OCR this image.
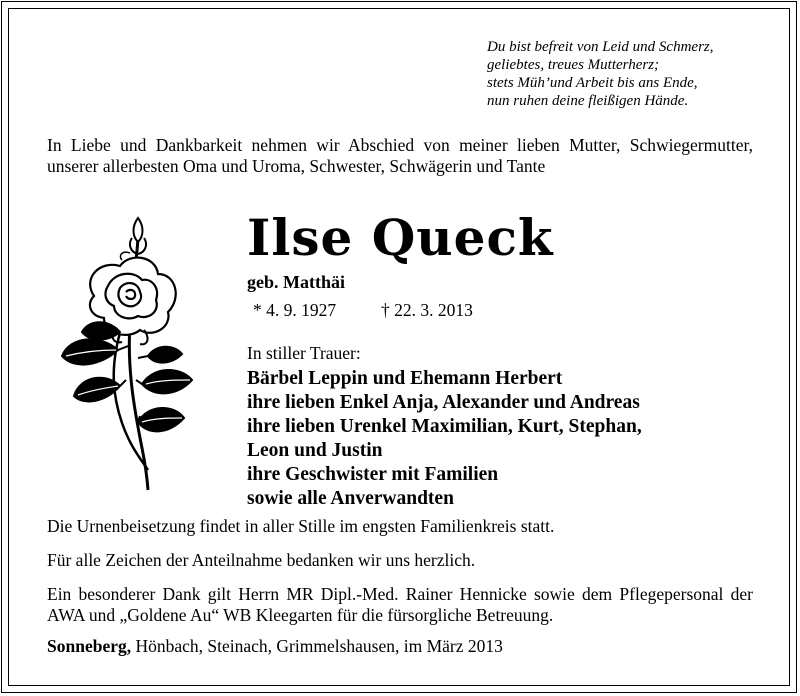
Du bist befreit von Leid und Schmerz,
geliebtes, treues Mutterherz;
stets Müh’und Arbeit bis ans Ende,
nun ruhen deine fleißigen Hände.
In Liebe und Dankbarkeit nehmen wir Abschied von meiner lieben Mutter, Schwiegermutter, unserer allerbesten Oma und Uroma, Schwester, Schwägerin und Tante
Ilse Queck
geb. Matthäi
* 4. 9. 1927	† 22. 3. 2013
In stiller Trauer:
Bärbel Leppin und Ehemann Herbert
ihre lieben Enkel Anja, Alexander und Andreas
ihre lieben Urenkel Maximilian, Kurt, Stephan,
Leon und Justin
ihre Geschwister mit Familien
sowie alle Anverwandten
Die Urnenbeisetzung findet in aller Stille im engsten Familienkreis statt.
Für alle Zeichen der Anteilnahme bedanken wir uns herzlich.
Ein besonderer Dank gilt Herrn MR Dipl.-Med. Rainer Hennicke sowie dem Pflegepersonal der AWA und „Goldene Au“ WB Kleegarten für die fürsorgliche Betreuung.
Sonneberg, Hönbach, Steinach, Grimmelshausen, im März 2013
